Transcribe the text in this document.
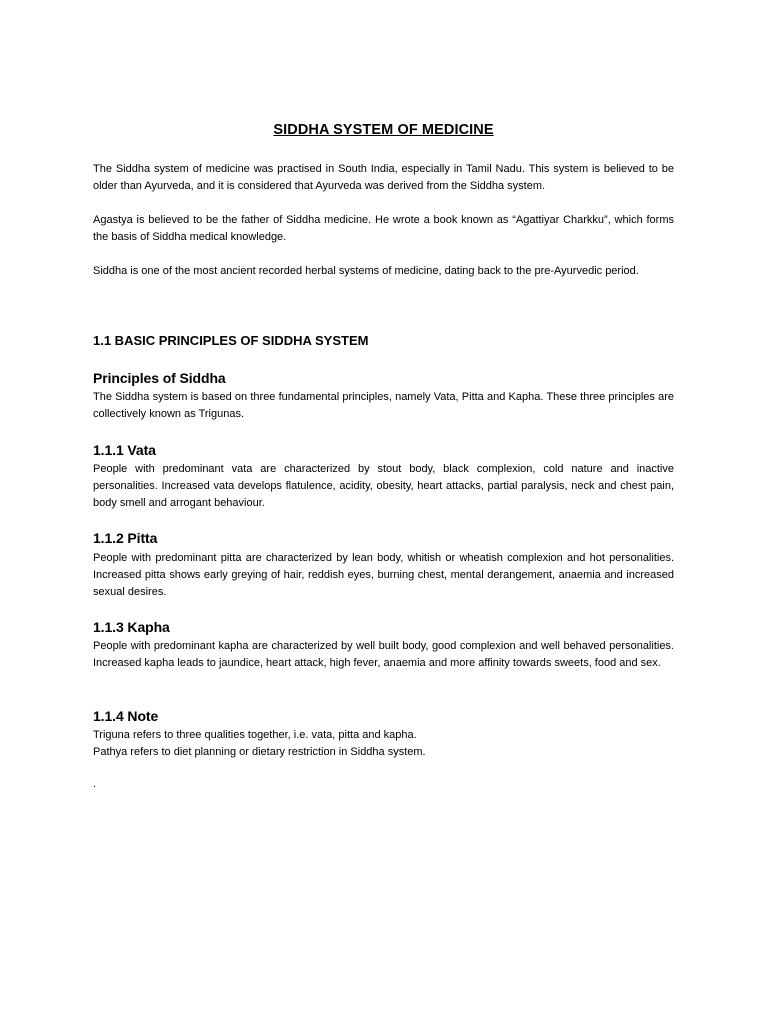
SIDDHA SYSTEM OF MEDICINE

The Siddha system of medicine was practised in South India, especially in Tamil Nadu. This system is believed to be older than Ayurveda, and it is considered that Ayurveda was derived from the Siddha system.

Agastya is believed to be the father of Siddha medicine. He wrote a book known as “Agattiyar Charkku”, which forms the basis of Siddha medical knowledge.

Siddha is one of the most ancient recorded herbal systems of medicine, dating back to the pre-Ayurvedic period.

1.1 BASIC PRINCIPLES OF SIDDHA SYSTEM
Principles of Siddha

The Siddha system is based on three fundamental principles, namely Vata, Pitta and Kapha. These three principles are collectively known as Trigunas.

1.1.1 Vata

People with predominant vata are characterized by stout body, black complexion, cold nature and inactive personalities. Increased vata develops flatulence, acidity, obesity, heart attacks, partial paralysis, neck and chest pain, body smell and arrogant behaviour.

1.1.2 Pitta

People with predominant pitta are characterized by lean body, whitish or wheatish complexion and hot personalities. Increased pitta shows early greying of hair, reddish eyes, burning chest, mental derangement, anaemia and increased sexual desires.

1.1.3 Kapha

People with predominant kapha are characterized by well built body, good complexion and well behaved personalities. Increased kapha leads to jaundice, heart attack, high fever, anaemia and more affinity towards sweets, food and sex.

1.1.4 Note

Triguna refers to three qualities together, i.e. vata, pitta and kapha.

Pathya refers to diet planning or dietary restriction in Siddha system.

.
